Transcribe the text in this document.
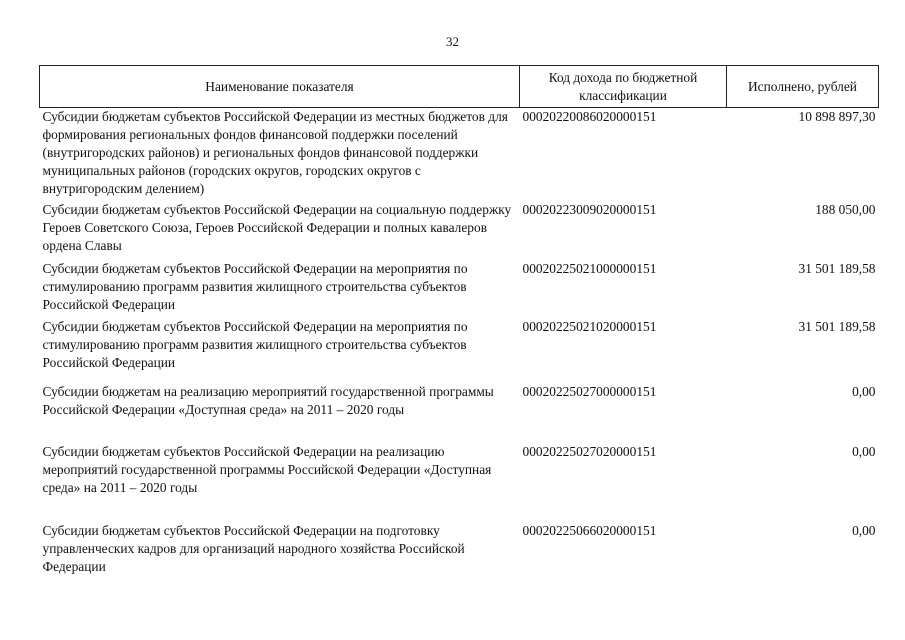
32
Наименование показателя	Код дохода по бюджетной классификации	Исполнено, рублей
Субсидии бюджетам субъектов Российской Федерации из местных бюджетов для формирования региональных фондов финансовой поддержки поселений (внутригородских районов) и региональных фондов финансовой поддержки муниципальных районов (городских округов, городских округов с внутригородским делением)	00020220086020000151	10 898 897,30
Субсидии бюджетам субъектов Российской Федерации на социальную поддержку Героев Советского Союза, Героев Российской Федерации и полных кавалеров ордена Славы	00020223009020000151	188 050,00
Субсидии бюджетам субъектов Российской Федерации на мероприятия по стимулированию программ развития жилищного строительства субъектов Российской Федерации	00020225021000000151	31 501 189,58
Субсидии бюджетам субъектов Российской Федерации на мероприятия по стимулированию программ развития жилищного строительства субъектов Российской Федерации	00020225021020000151	31 501 189,58
Субсидии бюджетам на реализацию мероприятий государственной программы Российской Федерации «Доступная среда» на 2011 – 2020 годы	00020225027000000151	0,00
Субсидии бюджетам субъектов Российской Федерации на реализацию мероприятий государственной программы Российской Федерации «Доступная среда» на 2011 – 2020 годы	00020225027020000151	0,00
Субсидии бюджетам субъектов Российской Федерации на подготовку управленческих кадров для организаций народного хозяйства Российской Федерации	00020225066020000151	0,00
